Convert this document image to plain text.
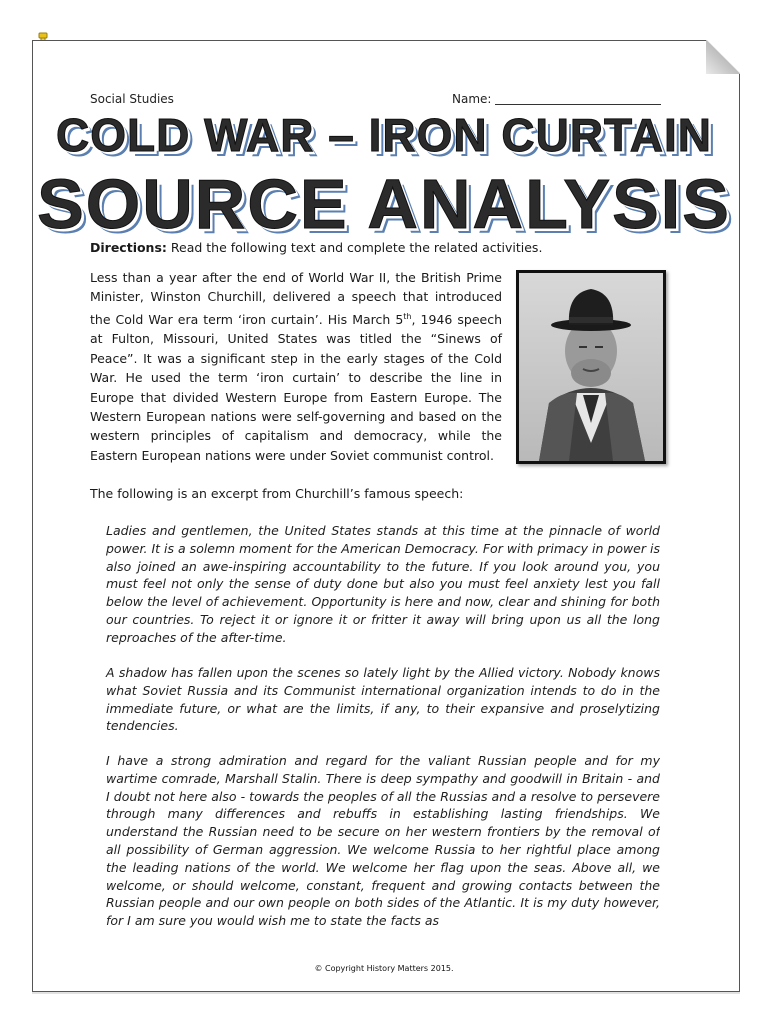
Social Studies	Name:
COLD WAR – IRON CURTAIN
SOURCE ANALYSIS
Directions: Read the following text and complete the related activities.
Less than a year after the end of World War II, the British Prime Minister, Winston Churchill, delivered a speech that introduced the Cold War era term ‘iron curtain’. His March 5th, 1946 speech at Fulton, Missouri, United States was titled the “Sinews of Peace”. It was a significant step in the early stages of the Cold War. He used the term ‘iron curtain’ to describe the line in Europe that divided Western Europe from Eastern Europe. The Western European nations were self-governing and based on the western principles of capitalism and democracy, while the Eastern European nations were under Soviet communist control.
The following is an excerpt from Churchill’s famous speech:
Ladies and gentlemen, the United States stands at this time at the pinnacle of world power. It is a solemn moment for the American Democracy. For with primacy in power is also joined an awe-inspiring accountability to the future. If you look around you, you must feel not only the sense of duty done but also you must feel anxiety lest you fall below the level of achievement. Opportunity is here and now, clear and shining for both our countries. To reject it or ignore it or fritter it away will bring upon us all the long reproaches of the after-time.
A shadow has fallen upon the scenes so lately light by the Allied victory. Nobody knows what Soviet Russia and its Communist international organization intends to do in the immediate future, or what are the limits, if any, to their expansive and proselytizing tendencies.
I have a strong admiration and regard for the valiant Russian people and for my wartime comrade, Marshall Stalin. There is deep sympathy and goodwill in Britain - and I doubt not here also - towards the peoples of all the Russias and a resolve to persevere through many differences and rebuffs in establishing lasting friendships. We understand the Russian need to be secure on her western frontiers by the removal of all possibility of German aggression. We welcome Russia to her rightful place among the leading nations of the world. We welcome her flag upon the seas. Above all, we welcome, or should welcome, constant, frequent and growing contacts between the Russian people and our own people on both sides of the Atlantic. It is my duty however, for I am sure you would wish me to state the facts as
© Copyright History Matters 2015.
